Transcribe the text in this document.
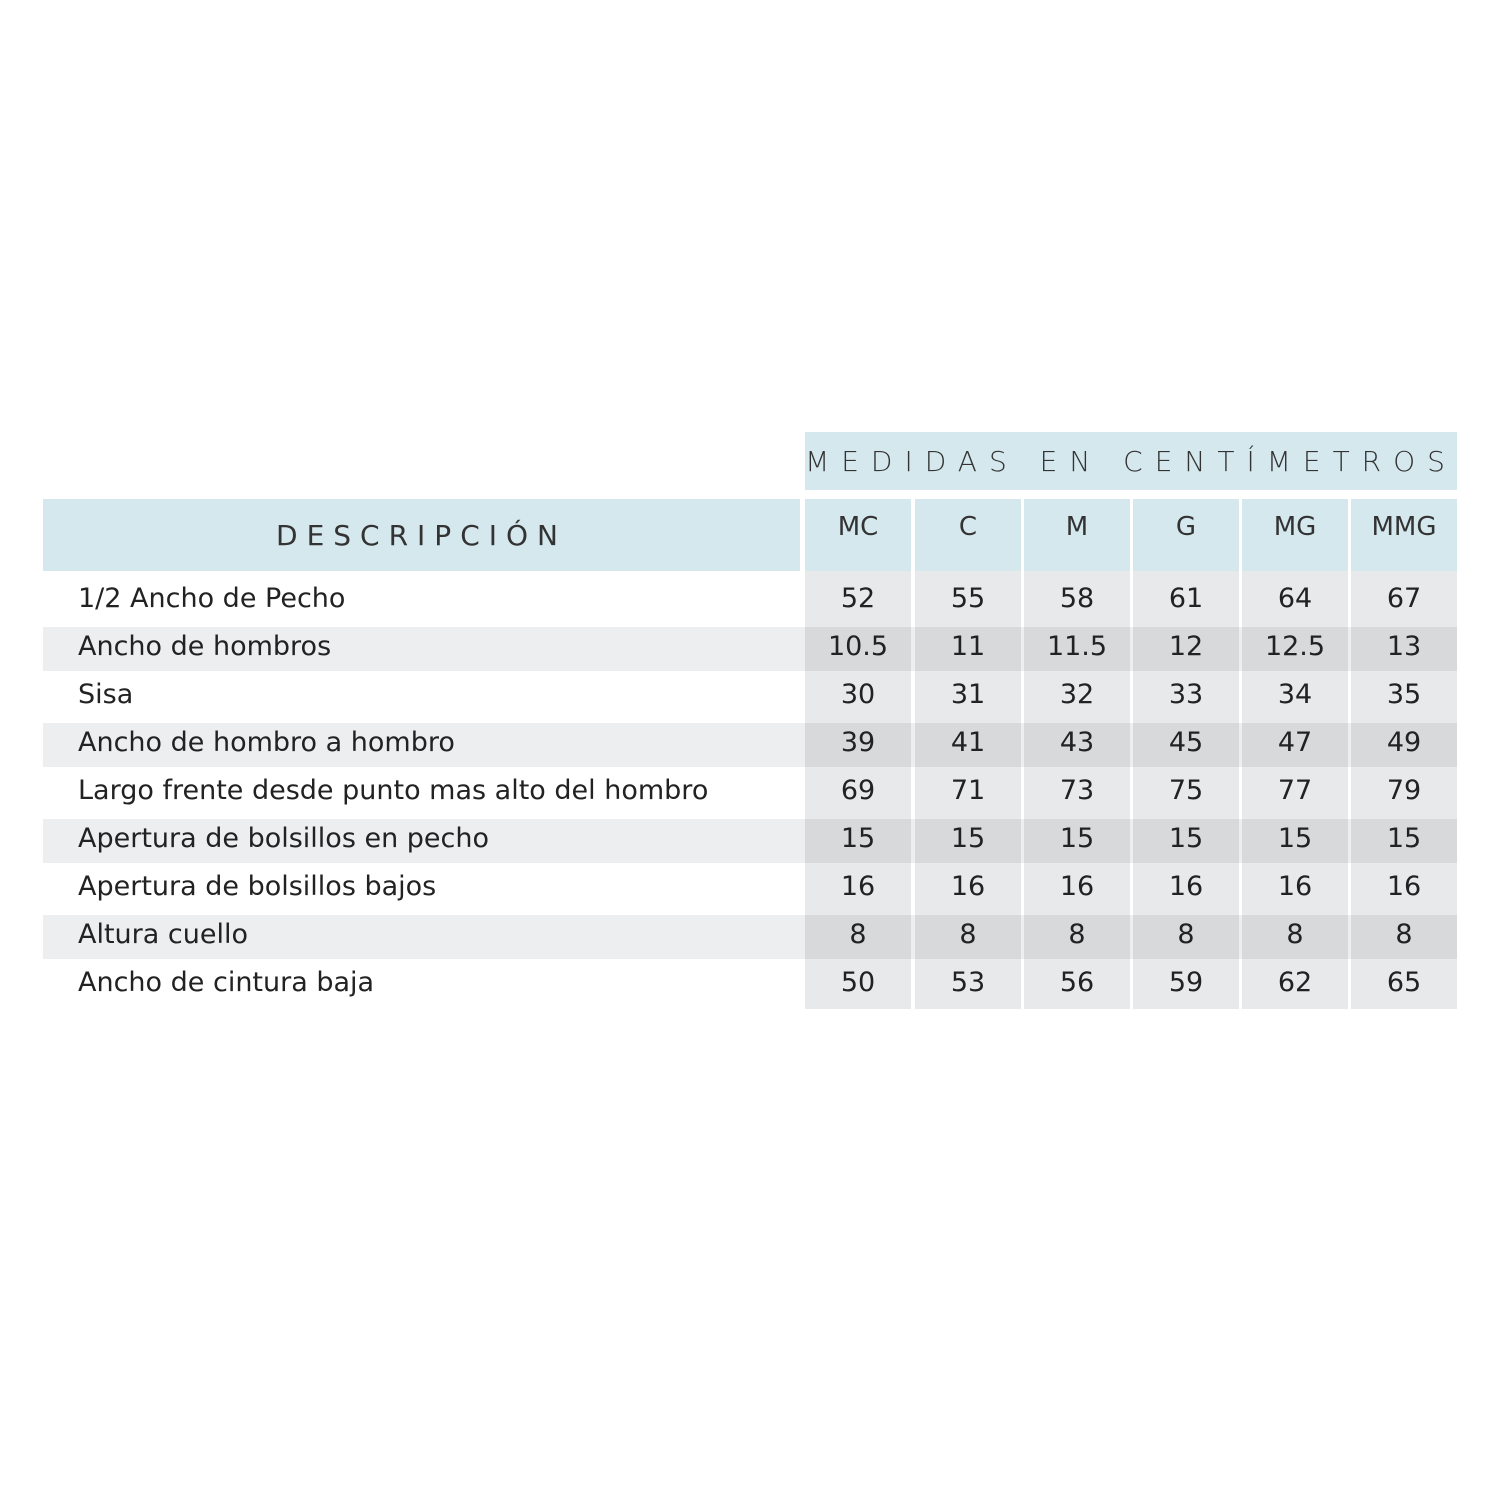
MEDIDAS EN CENTÍMETROS
DESCRIPCIÓN	MC	C	M	G	MG	MMG
1/2 Ancho de Pecho	52	55	58	61	64	67
Ancho de hombros	10.5	11	11.5	12	12.5	13
Sisa	30	31	32	33	34	35
Ancho de hombro a hombro	39	41	43	45	47	49
Largo frente desde punto mas alto del hombro	69	71	73	75	77	79
Apertura de bolsillos en pecho	15	15	15	15	15	15
Apertura de bolsillos bajos	16	16	16	16	16	16
Altura cuello	8	8	8	8	8	8
Ancho de cintura baja	50	53	56	59	62	65
